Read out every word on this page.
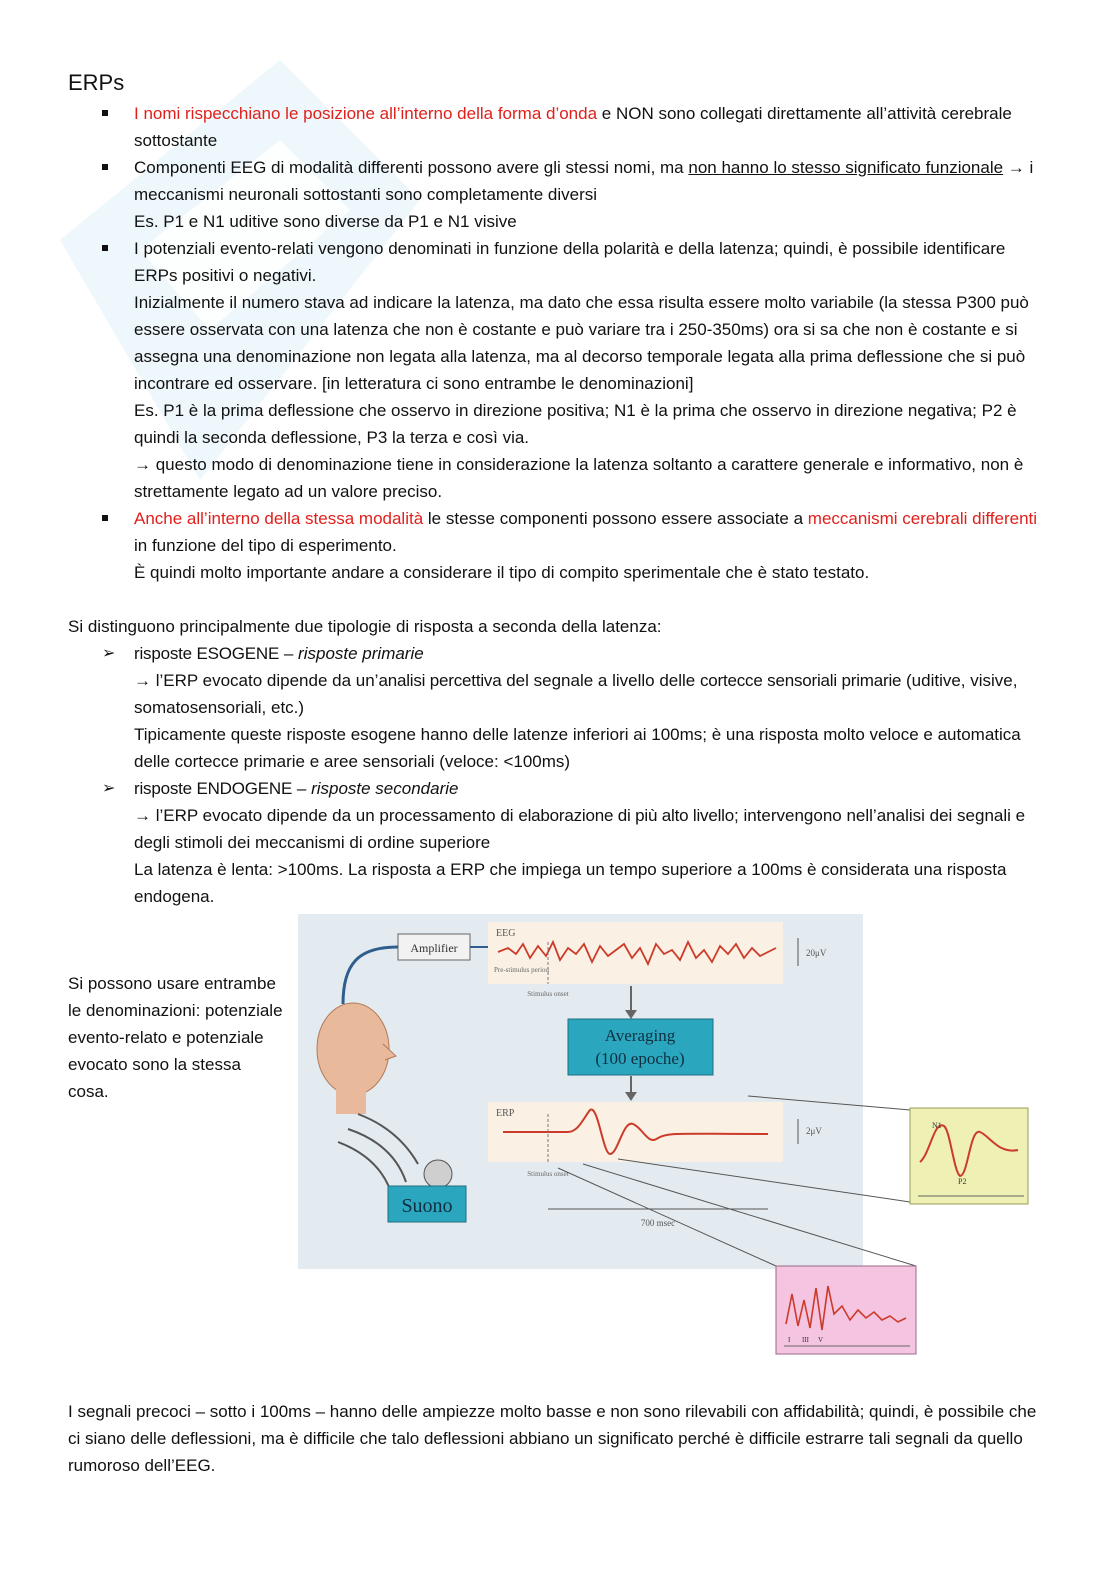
ERPs
I nomi rispecchiano le posizione all’interno della forma d’onda e NON sono collegati direttamente all’attività cerebrale sottostante
Componenti EEG di modalità differenti possono avere gli stessi nomi, ma non hanno lo stesso significato funzionale → i meccanismi neuronali sottostanti sono completamente diversi

Es. P1 e N1 uditive sono diverse da P1 e N1 visive

I potenziali evento-relati vengono denominati in funzione della polarità e della latenza; quindi, è possibile identificare ERPs positivi o negativi.

Inizialmente il numero stava ad indicare la latenza, ma dato che essa risulta essere molto variabile (la stessa P300 può essere osservata con una latenza che non è costante e può variare tra i 250-350ms) ora si sa che non è costante e si assegna una denominazione non legata alla latenza, ma al decorso temporale legata alla prima deflessione che si può incontrare ed osservare. [in letteratura ci sono entrambe le denominazioni]

Es. P1 è la prima deflessione che osservo in direzione positiva; N1 è la prima che osservo in direzione negativa; P2 è quindi la seconda deflessione, P3 la terza e così via.

→ questo modo di denominazione tiene in considerazione la latenza soltanto a carattere generale e informativo, non è strettamente legato ad un valore preciso.

Anche all’interno della stessa modalità le stesse componenti possono essere associate a meccanismi cerebrali differenti in funzione del tipo di esperimento.

È quindi molto importante andare a considerare il tipo di compito sperimentale che è stato testato.

Si distinguono principalmente due tipologie di risposta a seconda della latenza:

➢ risposte ESOGENE – risposte primarie

→ l’ERP evocato dipende da un’analisi percettiva del segnale a livello delle cortecce sensoriali primarie (uditive, visive, somatosensoriali, etc.)

Tipicamente queste risposte esogene hanno delle latenze inferiori ai 100ms; è una risposta molto veloce e automatica delle cortecce primarie e aree sensoriali (veloce: <100ms)

➢ risposte ENDOGENE – risposte secondarie

→ l’ERP evocato dipende da un processamento di elaborazione di più alto livello; intervengono nell’analisi dei segnali e degli stimoli dei meccanismi di ordine superiore

La latenza è lenta: >100ms. La risposta a ERP che impiega un tempo superiore a 100ms è considerata una risposta endogena.

Si possono usare entrambe le denominazioni: potenziale evento-relato e potenziale evocato sono la stessa cosa.

Amplifier
Suono
EEG
Pre-stimulus period
Stimulus onset
20μV
Averaging
(100 epoche)
ERP
Stimulus onset
2μV
700 msec
N1
P2
I III V

I segnali precoci – sotto i 100ms – hanno delle ampiezze molto basse e non sono rilevabili con affidabilità; quindi, è possibile che ci siano delle deflessioni, ma è difficile che talo deflessioni abbiano un significato perché è difficile estrarre tali segnali da quello rumoroso dell’EEG.
